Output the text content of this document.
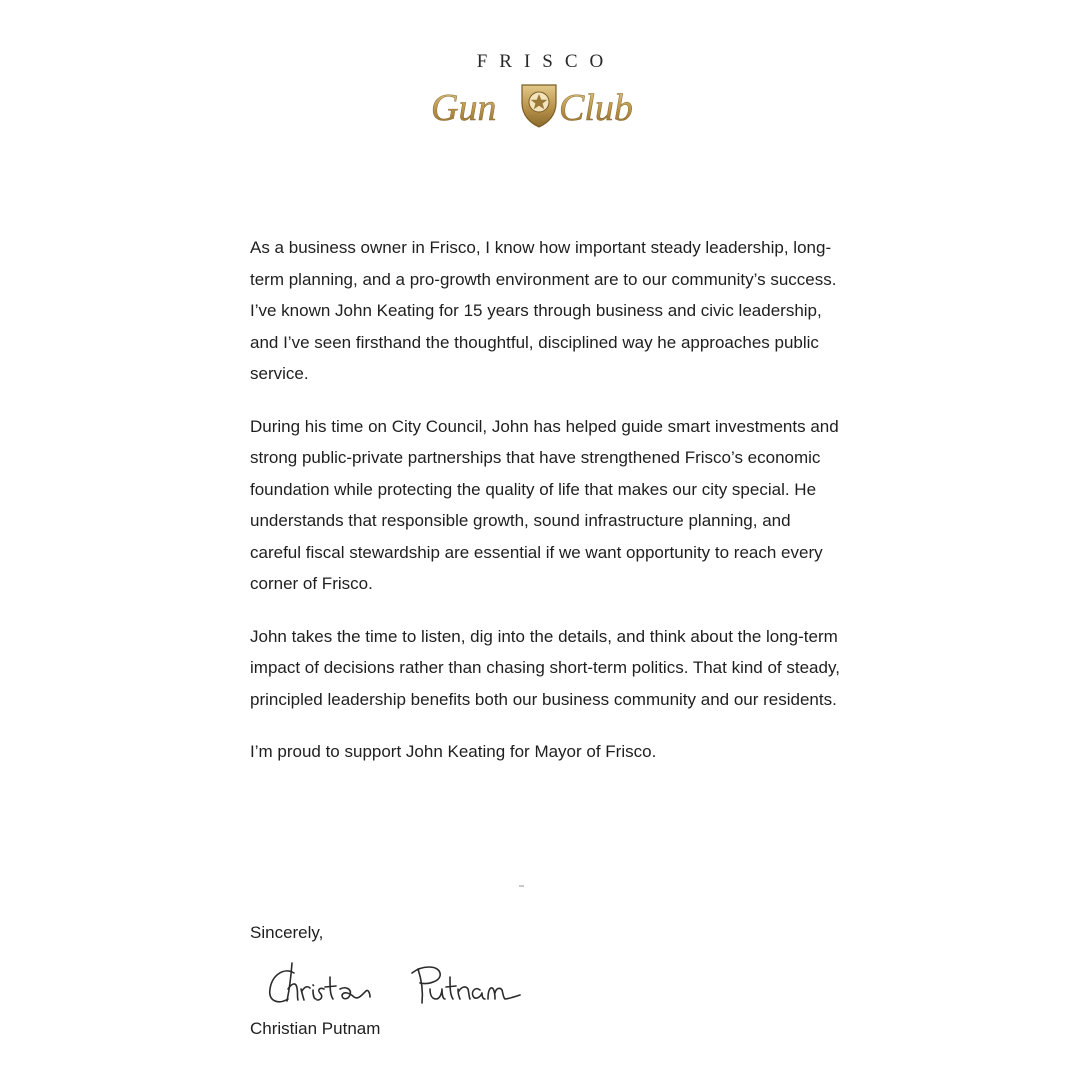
FRISCO
Gun Club

As a business owner in Frisco, I know how important steady leadership, long-term planning, and a pro-growth environment are to our community’s success. I’ve known John Keating for 15 years through business and civic leadership, and I’ve seen firsthand the thoughtful, disciplined way he approaches public service.

During his time on City Council, John has helped guide smart investments and strong public-private partnerships that have strengthened Frisco’s economic foundation while protecting the quality of life that makes our city special. He understands that responsible growth, sound infrastructure planning, and careful fiscal stewardship are essential if we want opportunity to reach every corner of Frisco.

John takes the time to listen, dig into the details, and think about the long-term impact of decisions rather than chasing short-term politics. That kind of steady, principled leadership benefits both our business community and our residents.

I’m proud to support John Keating for Mayor of Frisco.

Sincerely,
Christian Putnam
